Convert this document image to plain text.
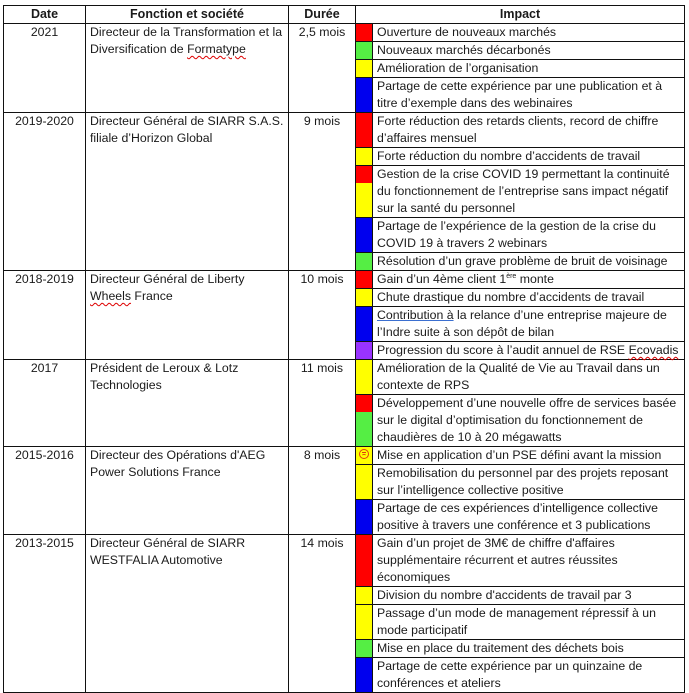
Date	Fonction et société	Durée	Impact	
2021	Directeur de la Transformation et la Diversification de Formatype	2,5 mois		Ouverture de nouveaux marchés

				Nouveaux marchés décarbonés

				Amélioration de l’organisation

				Partage de cette expérience par une publication et à titre d’exemple dans des webinaires
2019-2020	Directeur Général de SIARR S.A.S. filiale d’Horizon Global	9 mois		Forte réduction des retards clients, record de chiffre d’affaires mensuel

				Forte réduction du nombre d’accidents de travail

				Gestion de la crise COVID 19 permettant la continuité du fonctionnement de l’entreprise sans impact négatif sur la santé du personnel

				Partage de l’expérience de la gestion de la crise du COVID 19 à travers 2 webinars

				Résolution d’un grave problème de bruit de voisinage
2018-2019	Directeur Général de Liberty Wheels France	10 mois		Gain d’un 4ème client 1ère monte

				Chute drastique du nombre d’accidents de travail

				Contribution à la relance d’une entreprise majeure de l’Indre suite à son dépôt de bilan

				Progression du score à l’audit annuel de RSE Ecovadis
2017	Président de Leroux & Lotz Technologies	11 mois		Amélioration de la Qualité de Vie au Travail dans un contexte de RPS

				Développement d’une nouvelle offre de services basée sur le digital d’optimisation du fonctionnement de chaudières de 10 à 20 mégawatts
2015-2016	Directeur des Opérations d'AEG Power Solutions France	8 mois		Mise en application d’un PSE défini avant la mission

				Remobilisation du personnel par des projets reposant sur l’intelligence collective positive

				Partage de ces expériences d’intelligence collective positive à travers une conférence et 3 publications
2013-2015	Directeur Général de SIARR WESTFALIA Automotive	14 mois		Gain d’un projet de 3M€ de chiffre d'affaires supplémentaire récurrent et autres réussites économiques

				Division du nombre d'accidents de travail par 3

				Passage d’un mode de management répressif à un mode participatif

				Mise en place du traitement des déchets bois

				Partage de cette expérience par un quinzaine de conférences et ateliers
